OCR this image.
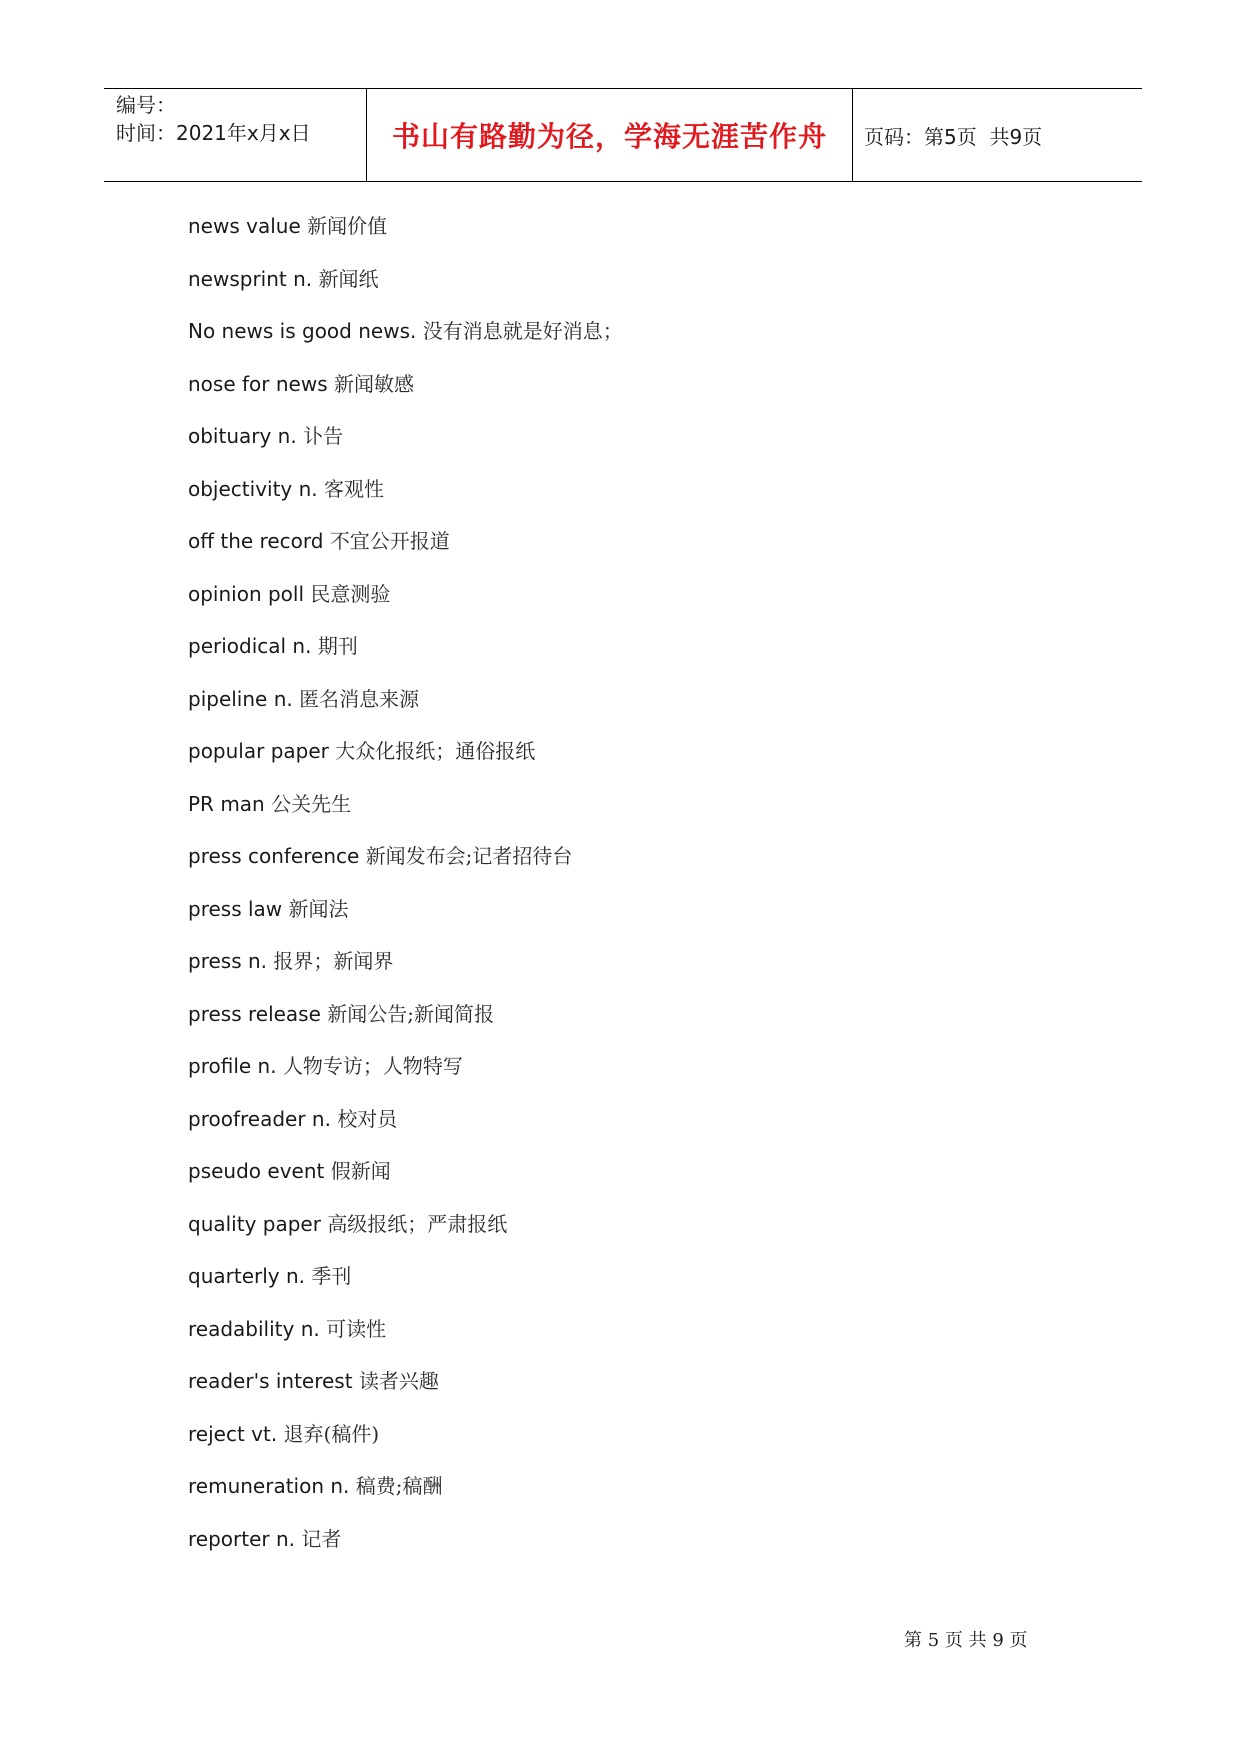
编号：
时间：2021年x月x日	书山有路勤为径，学海无涯苦作舟	页码：第5页  共9页
news value 新闻价值
newsprint n. 新闻纸
No news is good news. 没有消息就是好消息；
nose for news 新闻敏感
obituary n. 讣告
objectivity n. 客观性
off the record 不宜公开报道
opinion poll 民意测验
periodical n. 期刊
pipeline n. 匿名消息来源
popular paper 大众化报纸；通俗报纸
PR man 公关先生
press conference 新闻发布会;记者招待台
press law 新闻法
press n. 报界；新闻界
press release 新闻公告;新闻简报
profile n. 人物专访；人物特写
proofreader n. 校对员
pseudo event 假新闻
quality paper 高级报纸；严肃报纸
quarterly n. 季刊
readability n. 可读性
reader's interest 读者兴趣
reject vt. 退弃(稿件)
remuneration n. 稿费;稿酬
reporter n. 记者
第 5 页 共 9 页
